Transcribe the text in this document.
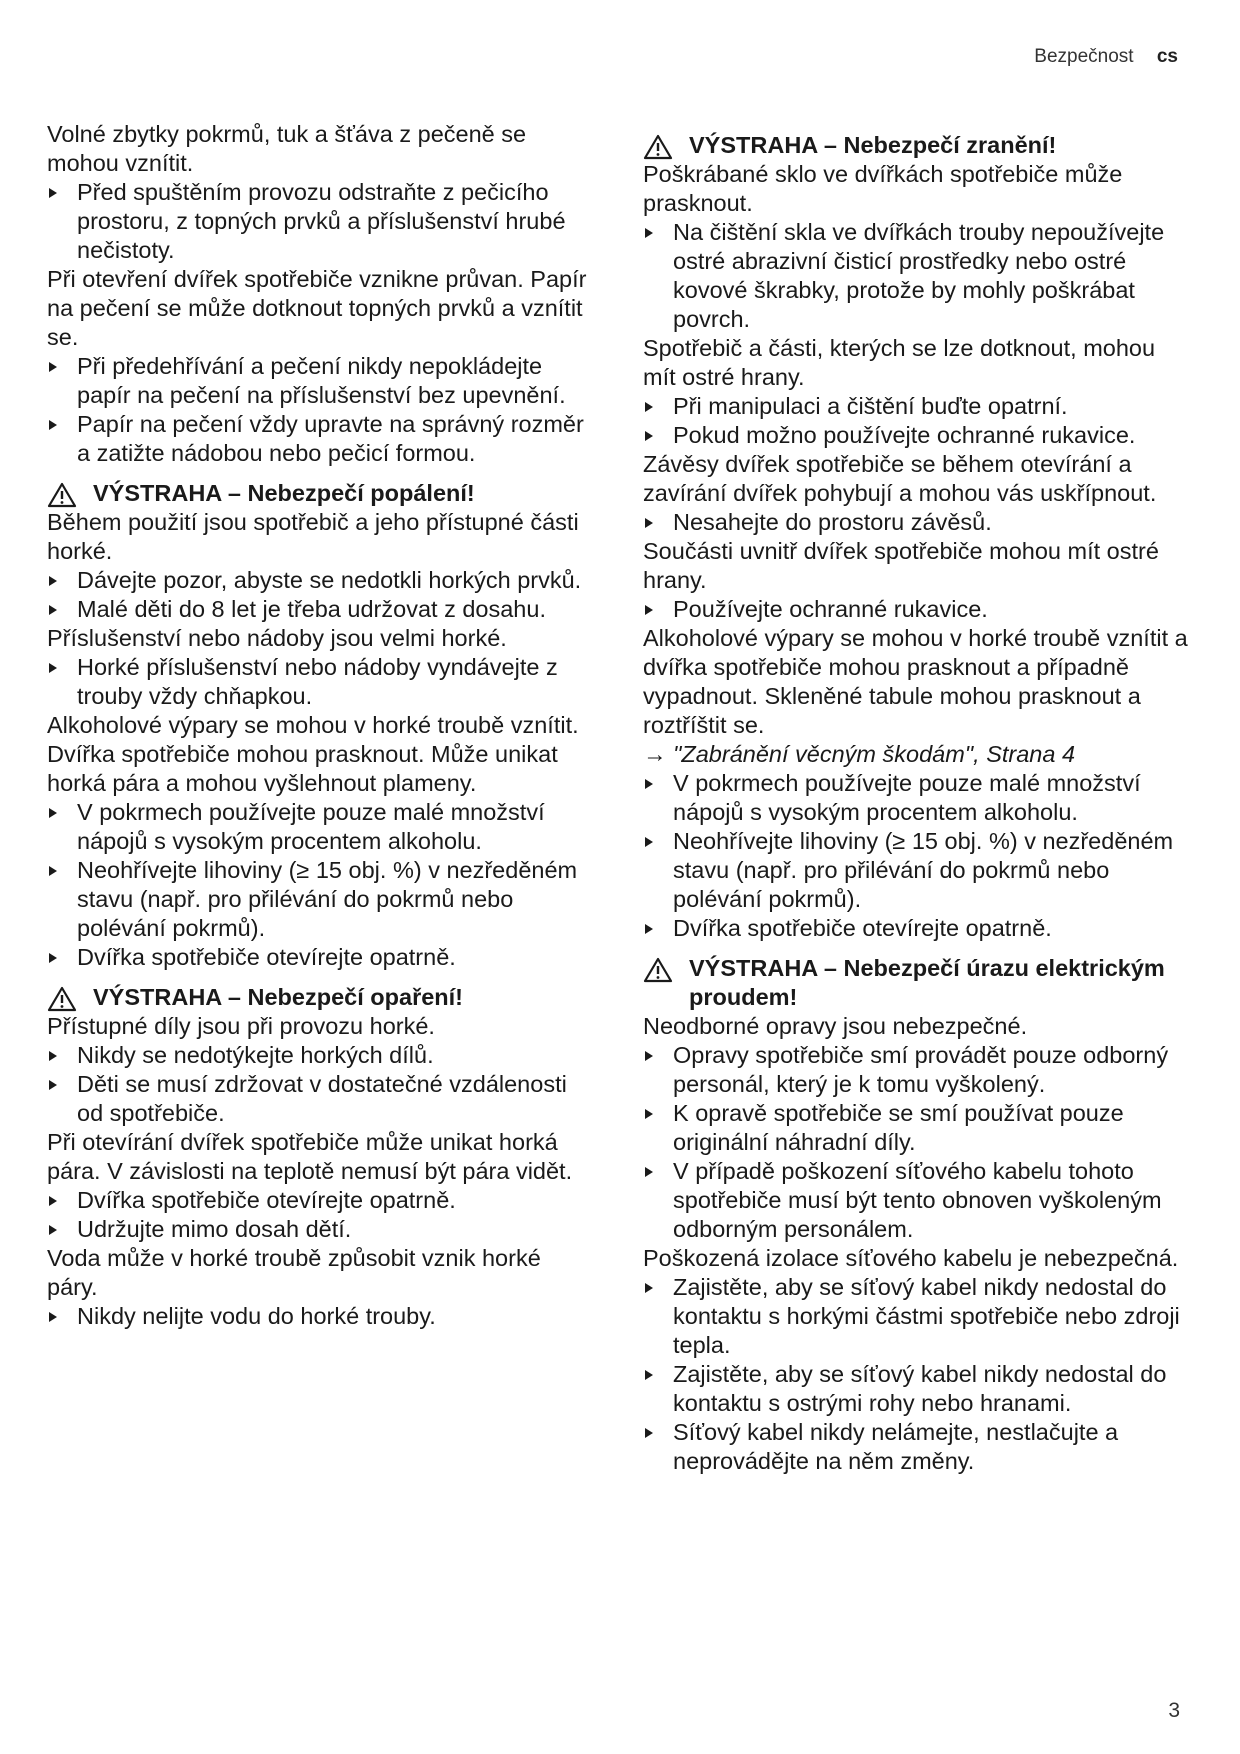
Bezpečnost cs
Volné zbytky pokrmů, tuk a šťáva z pečeně se mohou vznítit.
Před spuštěním provozu odstraňte z pečicího prostoru, z topných prvků a příslušenství hrubé nečistoty.
Při otevření dvířek spotřebiče vznikne průvan. Papír na pečení se může dotknout topných prvků a vznítit se.
Při předehřívání a pečení nikdy nepokládejte papír na pečení na příslušenství bez upevnění.
Papír na pečení vždy upravte na správný rozměr a zatižte nádobou nebo pečicí formou.
VÝSTRAHA – Nebezpečí popálení!
Během použití jsou spotřebič a jeho přístupné části horké.
Dávejte pozor, abyste se nedotkli horkých prvků.
Malé děti do 8 let je třeba udržovat z dosahu.
Příslušenství nebo nádoby jsou velmi horké.
Horké příslušenství nebo nádoby vyndávejte z trouby vždy chňapkou.
Alkoholové výpary se mohou v horké troubě vznítit. Dvířka spotřebiče mohou prasknout. Může unikat horká pára a mohou vyšlehnout plameny.
V pokrmech používejte pouze malé množství nápojů s vysokým procentem alkoholu.
Neohřívejte lihoviny (≥ 15 obj. %) v nezředěném stavu (např. pro přilévání do pokrmů nebo polévání pokrmů).
Dvířka spotřebiče otevírejte opatrně.
VÝSTRAHA – Nebezpečí opaření!
Přístupné díly jsou při provozu horké.
Nikdy se nedotýkejte horkých dílů.
Děti se musí zdržovat v dostatečné vzdálenosti od spotřebiče.
Při otevírání dvířek spotřebiče může unikat horká pára. V závislosti na teplotě nemusí být pára vidět.
Dvířka spotřebiče otevírejte opatrně.
Udržujte mimo dosah dětí.
Voda může v horké troubě způsobit vznik horké páry.
Nikdy nelijte vodu do horké trouby.
VÝSTRAHA – Nebezpečí zranění!
Poškrábané sklo ve dvířkách spotřebiče může prasknout.
Na čištění skla ve dvířkách trouby nepoužívejte ostré abrazivní čisticí prostředky nebo ostré kovové škrabky, protože by mohly poškrábat povrch.
Spotřebič a části, kterých se lze dotknout, mohou mít ostré hrany.
Při manipulaci a čištění buďte opatrní.
Pokud možno používejte ochranné rukavice.
Závěsy dvířek spotřebiče se během otevírání a zavírání dvířek pohybují a mohou vás uskřípnout.
Nesahejte do prostoru závěsů.
Součásti uvnitř dvířek spotřebiče mohou mít ostré hrany.
Používejte ochranné rukavice.
Alkoholové výpary se mohou v horké troubě vznítit a dvířka spotřebiče mohou prasknout a případně vypadnout. Skleněné tabule mohou prasknout a roztříštit se.
→ "Zabránění věcným škodám", Strana 4
V pokrmech používejte pouze malé množství nápojů s vysokým procentem alkoholu.
Neohřívejte lihoviny (≥ 15 obj. %) v nezředěném stavu (např. pro přilévání do pokrmů nebo polévání pokrmů).
Dvířka spotřebiče otevírejte opatrně.
VÝSTRAHA – Nebezpečí úrazu elektrickým proudem!
Neodborné opravy jsou nebezpečné.
Opravy spotřebiče smí provádět pouze odborný personál, který je k tomu vyškolený.
K opravě spotřebiče se smí používat pouze originální náhradní díly.
V případě poškození síťového kabelu tohoto spotřebiče musí být tento obnoven vyškoleným odborným personálem.
Poškozená izolace síťového kabelu je nebezpečná.
Zajistěte, aby se síťový kabel nikdy nedostal do kontaktu s horkými částmi spotřebiče nebo zdroji tepla.
Zajistěte, aby se síťový kabel nikdy nedostal do kontaktu s ostrými rohy nebo hranami.
Síťový kabel nikdy nelámejte, nestlačujte a neprovádějte na něm změny.
3
